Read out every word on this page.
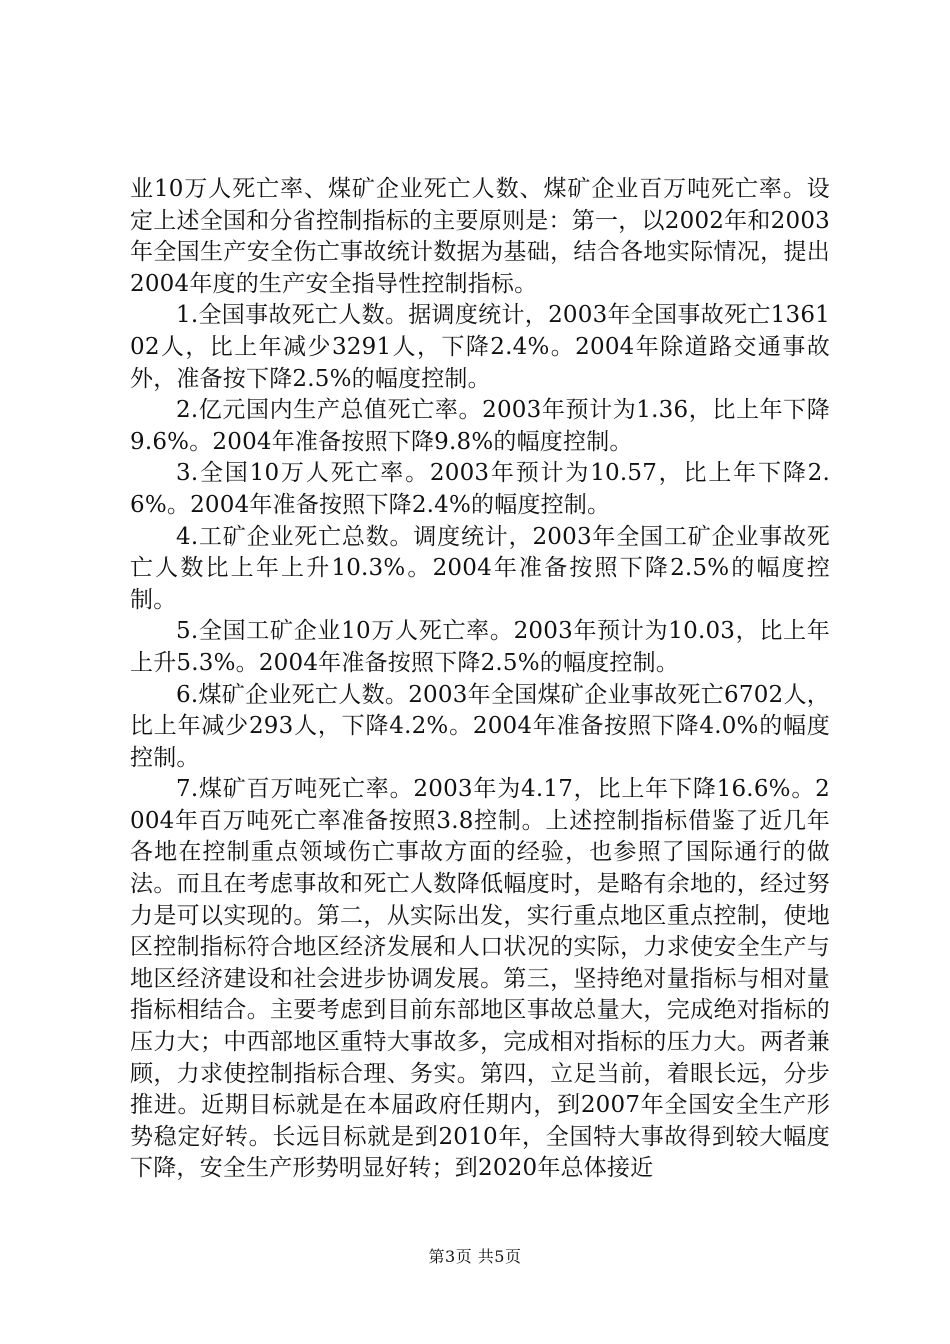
业10万人死亡率、煤矿企业死亡人数、煤矿企业百万吨死亡率。设定上述全国和分省控制指标的主要原则是：第一，以2002年和2003年全国生产安全伤亡事故统计数据为基础，结合各地实际情况，提出2004年度的生产安全指导性控制指标。

1.全国事故死亡人数。据调度统计，2003年全国事故死亡136102人，比上年减少3291人，下降2.4%。2004年除道路交通事故外，准备按下降2.5%的幅度控制。

2.亿元国内生产总值死亡率。2003年预计为1.36，比上年下降9.6%。2004年准备按照下降9.8%的幅度控制。

3.全国10万人死亡率。2003年预计为10.57，比上年下降2.6%。2004年准备按照下降2.4%的幅度控制。

4.工矿企业死亡总数。调度统计，2003年全国工矿企业事故死亡人数比上年上升10.3%。2004年准备按照下降2.5%的幅度控制。

5.全国工矿企业10万人死亡率。2003年预计为10.03，比上年上升5.3%。2004年准备按照下降2.5%的幅度控制。

6.煤矿企业死亡人数。2003年全国煤矿企业事故死亡6702人，比上年减少293人，下降4.2%。2004年准备按照下降4.0%的幅度控制。

7.煤矿百万吨死亡率。2003年为4.17，比上年下降16.6%。2004年百万吨死亡率准备按照3.8控制。上述控制指标借鉴了近几年各地在控制重点领域伤亡事故方面的经验，也参照了国际通行的做法。而且在考虑事故和死亡人数降低幅度时，是略有余地的，经过努力是可以实现的。第二，从实际出发，实行重点地区重点控制，使地区控制指标符合地区经济发展和人口状况的实际，力求使安全生产与地区经济建设和社会进步协调发展。第三，坚持绝对量指标与相对量指标相结合。主要考虑到目前东部地区事故总量大，完成绝对指标的压力大；中西部地区重特大事故多，完成相对指标的压力大。两者兼顾，力求使控制指标合理、务实。第四，立足当前，着眼长远，分步推进。近期目标就是在本届政府任期内，到2007年全国安全生产形势稳定好转。长远目标就是到2010年，全国特大事故得到较大幅度下降，安全生产形势明显好转；到2020年总体接近

第3页 共5页
